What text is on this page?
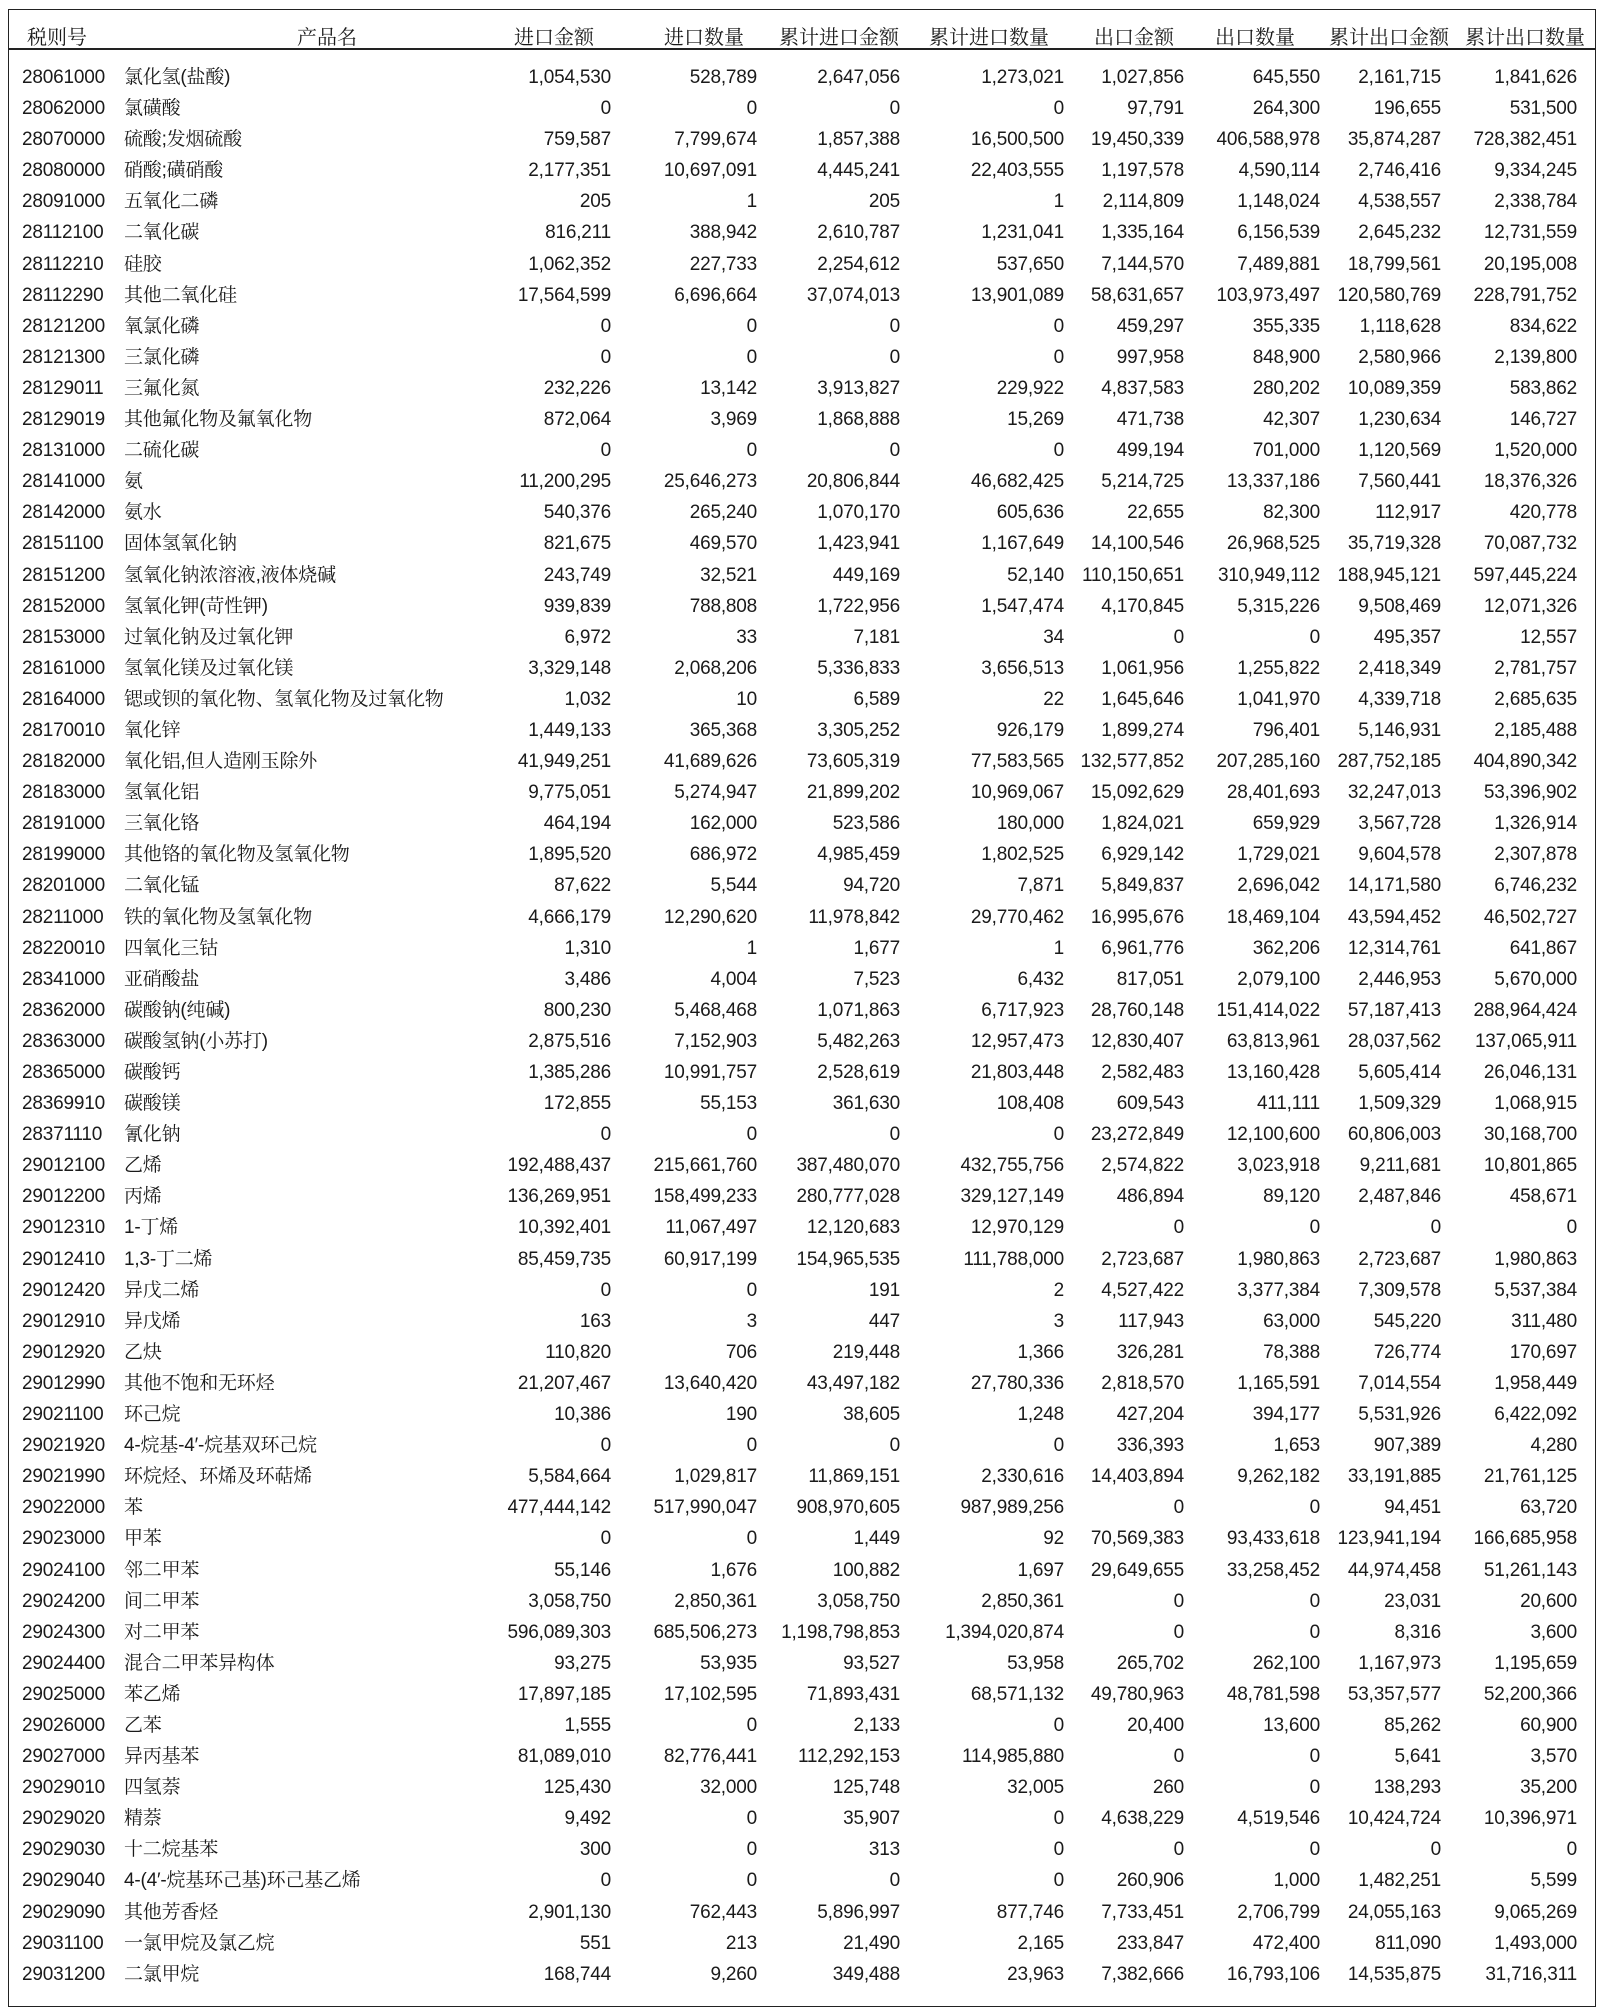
税则号	产品名	进口金额	进口数量 累计进口金额 累计进口数量 出口金额 出口数量 累计出口金额 累计出口数量
28061000 氯化氢(盐酸)	1,054,530	528,789	2,647,056	1,273,021 1,027,856	645,550 2,161,715	1,841,626
28062000 氯磺酸	0	0	0	0	97,791	264,300	196,655	531,500
28070000 硫酸;发烟硫酸	759,587	7,799,674	1,857,388	16,500,500 19,450,339 406,588,978 35,874,287 728,382,451
28080000 硝酸;磺硝酸	2,177,351	10,697,091	4,445,241	22,403,555 1,197,578	4,590,114 2,746,416	9,334,245
28091000 五氧化二磷	205	1	205	1 2,114,809	1,148,024 4,538,557	2,338,784
28112100 二氧化碳	816,211	388,942	2,610,787	1,231,041 1,335,164	6,156,539 2,645,232 12,731,559
28112210 硅胶	1,062,352	227,733	2,254,612	537,650 7,144,570	7,489,881 18,799,561 20,195,008
28112290 其他二氧化硅	17,564,599	6,696,664	37,074,013	13,901,089 58,631,657 103,973,497 120,580,769 228,791,752
28121200 氧氯化磷	0	0	0	0	459,297	355,335 1,118,628	834,622
28121300 三氯化磷	0	0	0	0	997,958	848,900 2,580,966	2,139,800
28129011 三氟化氮	232,226	13,142	3,913,827	229,922 4,837,583	280,202 10,089,359	583,862
28129019 其他氟化物及氟氧化物	872,064	3,969	1,868,888	15,269	471,738	42,307 1,230,634	146,727
28131000 二硫化碳	0	0	0	0	499,194	701,000 1,120,569	1,520,000
28141000 氨	11,200,295	25,646,273	20,806,844	46,682,425 5,214,725 13,337,186 7,560,441 18,376,326
28142000 氨水	540,376	265,240	1,070,170	605,636	22,655	82,300	112,917	420,778
28151100 固体氢氧化钠	821,675	469,570	1,423,941	1,167,649 14,100,546 26,968,525 35,719,328 70,087,732
28151200 氢氧化钠浓溶液,液体烧碱	243,749	32,521	449,169	52,140 110,150,651 310,949,112 188,945,121 597,445,224
28152000 氢氧化钾(苛性钾)	939,839	788,808	1,722,956	1,547,474 4,170,845	5,315,226 9,508,469 12,071,326
28153000 过氧化钠及过氧化钾	6,972	33	7,181	34	0	0	495,357	12,557
28161000 氢氧化镁及过氧化镁	3,329,148	2,068,206	5,336,833	3,656,513 1,061,956	1,255,822 2,418,349	2,781,757
28164000 锶或钡的氧化物、氢氧化物及过氧化物	1,032	10	6,589	22 1,645,646	1,041,970 4,339,718	2,685,635
28170010 氧化锌	1,449,133	365,368	3,305,252	926,179 1,899,274	796,401 5,146,931	2,185,488
28182000 氧化铝,但人造刚玉除外	41,949,251	41,689,626	73,605,319	77,583,565 132,577,852 207,285,160 287,752,185 404,890,342
28183000 氢氧化铝	9,775,051	5,274,947	21,899,202	10,969,067 15,092,629 28,401,693 32,247,013 53,396,902
28191000 三氧化铬	464,194	162,000	523,586	180,000 1,824,021	659,929 3,567,728	1,326,914
28199000 其他铬的氧化物及氢氧化物	1,895,520	686,972	4,985,459	1,802,525 6,929,142	1,729,021 9,604,578	2,307,878
28201000 二氧化锰	87,622	5,544	94,720	7,871 5,849,837	2,696,042 14,171,580	6,746,232
28211000 铁的氧化物及氢氧化物	4,666,179	12,290,620	11,978,842	29,770,462 16,995,676 18,469,104 43,594,452 46,502,727
28220010 四氧化三钴	1,310	1	1,677	1 6,961,776	362,206 12,314,761	641,867
28341000 亚硝酸盐	3,486	4,004	7,523	6,432	817,051	2,079,100 2,446,953	5,670,000
28362000 碳酸钠(纯碱)	800,230	5,468,468	1,071,863	6,717,923 28,760,148 151,414,022 57,187,413 288,964,424
28363000 碳酸氢钠(小苏打)	2,875,516	7,152,903	5,482,263	12,957,473 12,830,407 63,813,961 28,037,562 137,065,911
28365000 碳酸钙	1,385,286	10,991,757	2,528,619	21,803,448 2,582,483 13,160,428 5,605,414 26,046,131
28369910 碳酸镁	172,855	55,153	361,630	108,408	609,543	411,111 1,509,329	1,068,915
28371110 氰化钠	0	0	0	0 23,272,849 12,100,600 60,806,003 30,168,700
29012100 乙烯	192,488,437 215,661,760 387,480,070	432,755,756 2,574,822	3,023,918 9,211,681 10,801,865
29012200 丙烯	136,269,951 158,499,233 280,777,028	329,127,149	486,894	89,120 2,487,846	458,671
29012310 1-丁烯	10,392,401	11,067,497	12,120,683	12,970,129	0	0	0	0
29012410 1,3-丁二烯	85,459,735	60,917,199 154,965,535	111,788,000 2,723,687	1,980,863 2,723,687	1,980,863
29012420 异戊二烯	0	0	191	2 4,527,422	3,377,384 7,309,578	5,537,384
29012910 异戊烯	163	3	447	3	117,943	63,000	545,220	311,480
29012920 乙炔	110,820	706	219,448	1,366	326,281	78,388	726,774	170,697
29012990 其他不饱和无环烃	21,207,467	13,640,420	43,497,182	27,780,336 2,818,570	1,165,591 7,014,554	1,958,449
29021100 环己烷	10,386	190	38,605	1,248	427,204	394,177 5,531,926	6,422,092
29021920 4-烷基-4′-烷基双环己烷	0	0	0	0	336,393	1,653	907,389	4,280
29021990 环烷烃、环烯及环萜烯	5,584,664	1,029,817	11,869,151	2,330,616 14,403,894	9,262,182 33,191,885 21,761,125
29022000 苯	477,444,142 517,990,047 908,970,605	987,989,256	0	0	94,451	63,720
29023000 甲苯	0	0	1,449	92 70,569,383 93,433,618 123,941,194 166,685,958
29024100 邻二甲苯	55,146	1,676	100,882	1,697 29,649,655 33,258,452 44,974,458 51,261,143
29024200 间二甲苯	3,058,750	2,850,361	3,058,750	2,850,361	0	0	23,031	20,600
29024300 对二甲苯	596,089,303 685,506,273 1,198,798,853 1,394,020,874	0	0	8,316	3,600
29024400 混合二甲苯异构体	93,275	53,935	93,527	53,958	265,702	262,100 1,167,973	1,195,659
29025000 苯乙烯	17,897,185	17,102,595	71,893,431	68,571,132 49,780,963 48,781,598 53,357,577 52,200,366
29026000 乙苯	1,555	0	2,133	0	20,400	13,600	85,262	60,900
29027000 异丙基苯	81,089,010	82,776,441 112,292,153	114,985,880	0	0	5,641	3,570
29029010 四氢萘	125,430	32,000	125,748	32,005	260	0	138,293	35,200
29029020 精萘	9,492	0	35,907	0 4,638,229	4,519,546 10,424,724 10,396,971
29029030 十二烷基苯	300	0	313	0	0	0	0	0
29029040 4-(4′-烷基环己基)环己基乙烯	0	0	0	0	260,906	1,000 1,482,251	5,599
29029090 其他芳香烃	2,901,130	762,443	5,896,997	877,746 7,733,451	2,706,799 24,055,163	9,065,269
29031100 一氯甲烷及氯乙烷	551	213	21,490	2,165	233,847	472,400	811,090	1,493,000
29031200 二氯甲烷	168,744	9,260	349,488	23,963 7,382,666 16,793,106 14,535,875 31,716,311
